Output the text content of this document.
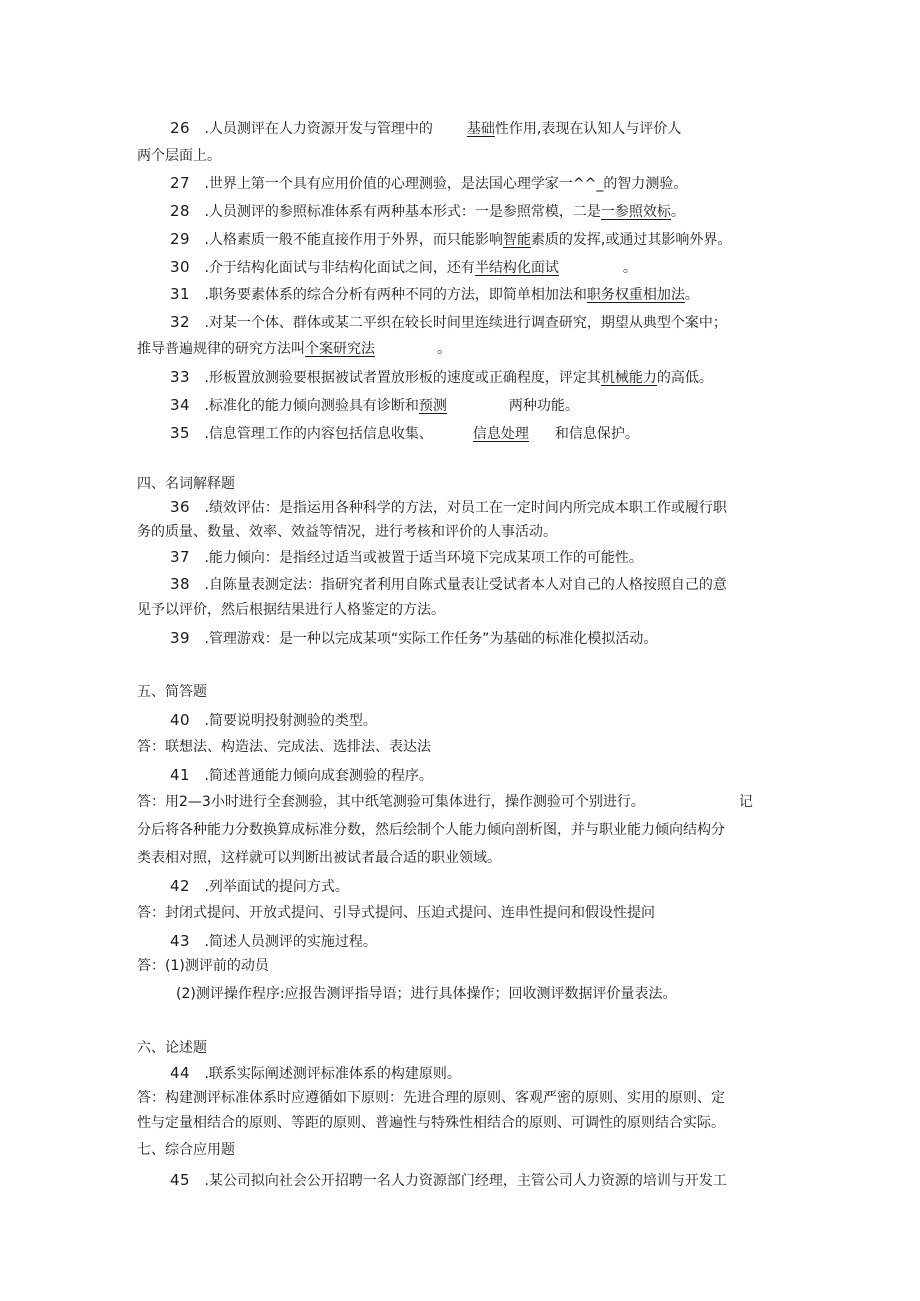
26 .人员测评在人力资源开发与管理中的 基础性作用,表现在认知人与评价人
两个层面上。
27 .世界上第一个具有应用价值的心理测验，是法国心理学家一^^_的智力测验。
28 .人员测评的参照标准体系有两种基本形式：一是参照常模，二是一参照效标。
29 .人格素质一般不能直接作用于外界，而只能影响智能素质的发挥,或通过其影响外界。
30 .介于结构化面试与非结构化面试之间，还有半结构化面试	。
31 .职务要素体系的综合分析有两种不同的方法，即简单相加法和职务权重相加法。
32 .对某一个体、群体或某二平织在较长时间里连续进行调查研究，期望从典型个案中；
推导普遍规律的研究方法叫个案研究法	。
33 .形板置放测验要根据被试者置放形板的速度或正确程度，评定其机械能力的高低。
34 .标准化的能力倾向测验具有诊断和预测	两种功能。
35 .信息管理工作的内容包括信息收集、	信息处理 和信息保护。
四、名词解释题
36 .绩效评估：是指运用各种科学的方法，对员工在一定时间内所完成本职工作或履行职
务的质量、数量、效率、效益等情况，进行考核和评价的人事活动。
37 .能力倾向：是指经过适当或被置于适当环境下完成某项工作的可能性。
38 .自陈量表测定法：指研究者利用自陈式量表让受试者本人对自己的人格按照自己的意
见予以评价，然后根据结果进行人格鉴定的方法。
39 .管理游戏：是一种以完成某项“实际工作任务”为基础的标准化模拟活动。
五、简答题
40 .简要说明投射测验的类型。
答：联想法、构造法、完成法、选排法、表达法
41 .简述普通能力倾向成套测验的程序。
答：用2—3小时进行全套测验，其中纸笔测验可集体进行，操作测验可个别进行。	记
分后将各种能力分数换算成标准分数，然后绘制个人能力倾向剖析图，并与职业能力倾向结构分
类表相对照，这样就可以判断出被试者最合适的职业领域。
42 .列举面试的提问方式。
答：封闭式提问、开放式提问、引导式提问、压迫式提问、连串性提问和假设性提问
43 .简述人员测评的实施过程。
答：(1)测评前的动员
(2)测评操作程序:应报告测评指导语；进行具体操作；回收测评数据评价量表法。
六、论述题
44 .联系实际阐述测评标准体系的构建原则。
答：构建测评标准体系时应遵循如下原则：先进合理的原则、客观严密的原则、实用的原则、定
性与定量相结合的原则、等距的原则、普遍性与特殊性相结合的原则、可调性的原则结合实际。
七、综合应用题
45 .某公司拟向社会公开招聘一名人力资源部门经理，主管公司人力资源的培训与开发工
